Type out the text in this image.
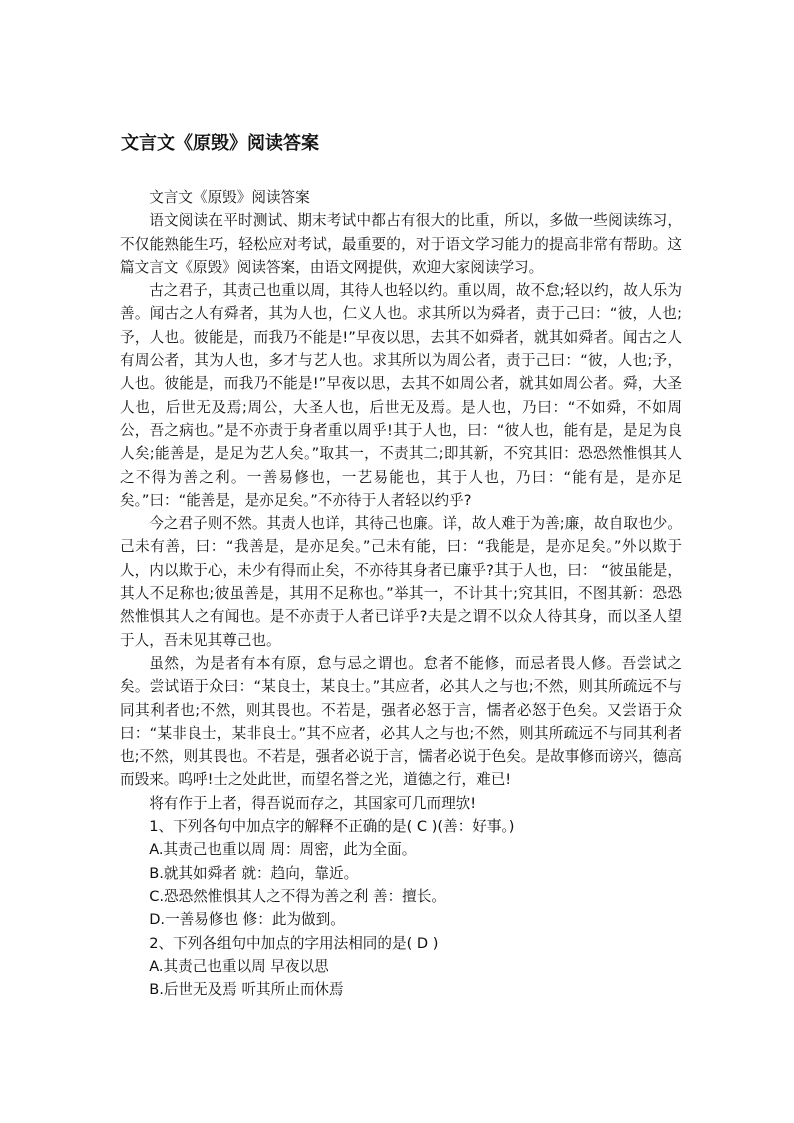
文言文《原毁》阅读答案

文言文《原毁》阅读答案

语文阅读在平时测试、期末考试中都占有很大的比重，所以，多做一些阅读练习，不仅能熟能生巧，轻松应对考试，最重要的，对于语文学习能力的提高非常有帮助。这篇文言文《原毁》阅读答案，由语文网提供，欢迎大家阅读学习。

古之君子，其责己也重以周，其待人也轻以约。重以周，故不怠;轻以约，故人乐为善。闻古之人有舜者，其为人也，仁义人也。求其所以为舜者，责于己曰：“彼，人也;予，人也。彼能是，而我乃不能是!”早夜以思，去其不如舜者，就其如舜者。闻古之人有周公者，其为人也，多才与艺人也。求其所以为周公者，责于己曰：“彼，人也;予，人也。彼能是，而我乃不能是!”早夜以思，去其不如周公者，就其如周公者。舜，大圣人也，后世无及焉;周公，大圣人也，后世无及焉。是人也，乃曰：“不如舜，不如周公，吾之病也。”是不亦责于身者重以周乎!其于人也，曰：“彼人也，能有是，是足为良人矣;能善是，是足为艺人矣。”取其一，不责其二;即其新，不究其旧：恐恐然惟惧其人之不得为善之利。一善易修也，一艺易能也，其于人也，乃曰：“能有是，是亦足矣。”曰：“能善是，是亦足矣。”不亦待于人者轻以约乎?

今之君子则不然。其责人也详，其待己也廉。详，故人难于为善;廉，故自取也少。己未有善，曰：“我善是，是亦足矣。”己未有能，曰：“我能是，是亦足矣。”外以欺于人，内以欺于心，未少有得而止矣，不亦待其身者已廉乎?其于人也，曰： “彼虽能是，其人不足称也;彼虽善是，其用不足称也。”举其一，不计其十;究其旧，不图其新：恐恐然惟惧其人之有闻也。是不亦责于人者已详乎?夫是之谓不以众人待其身，而以圣人望于人，吾未见其尊己也。

虽然，为是者有本有原，怠与忌之谓也。怠者不能修，而忌者畏人修。吾尝试之矣。尝试语于众曰：“某良士，某良士。”其应者，必其人之与也;不然，则其所疏远不与同其利者也;不然，则其畏也。不若是，强者必怒于言，懦者必怒于色矣。又尝语于众曰：“某非良士，某非良士。”其不应者，必其人之与也;不然，则其所疏远不与同其利者也;不然，则其畏也。不若是，强者必说于言，懦者必说于色矣。是故事修而谤兴，德高而毁来。呜呼!士之处此世，而望名誉之光，道德之行，难已!

将有作于上者，得吾说而存之，其国家可几而理欤!

1、下列各句中加点字的解释不正确的是( C )(善：好事。)

A.其责己也重以周 周：周密，此为全面。

B.就其如舜者 就：趋向，靠近。

C.恐恐然惟惧其人之不得为善之利 善：擅长。

D.一善易修也 修：此为做到。

2、下列各组句中加点的字用法相同的是( D )

A.其责己也重以周 早夜以思

B.后世无及焉 听其所止而休焉
